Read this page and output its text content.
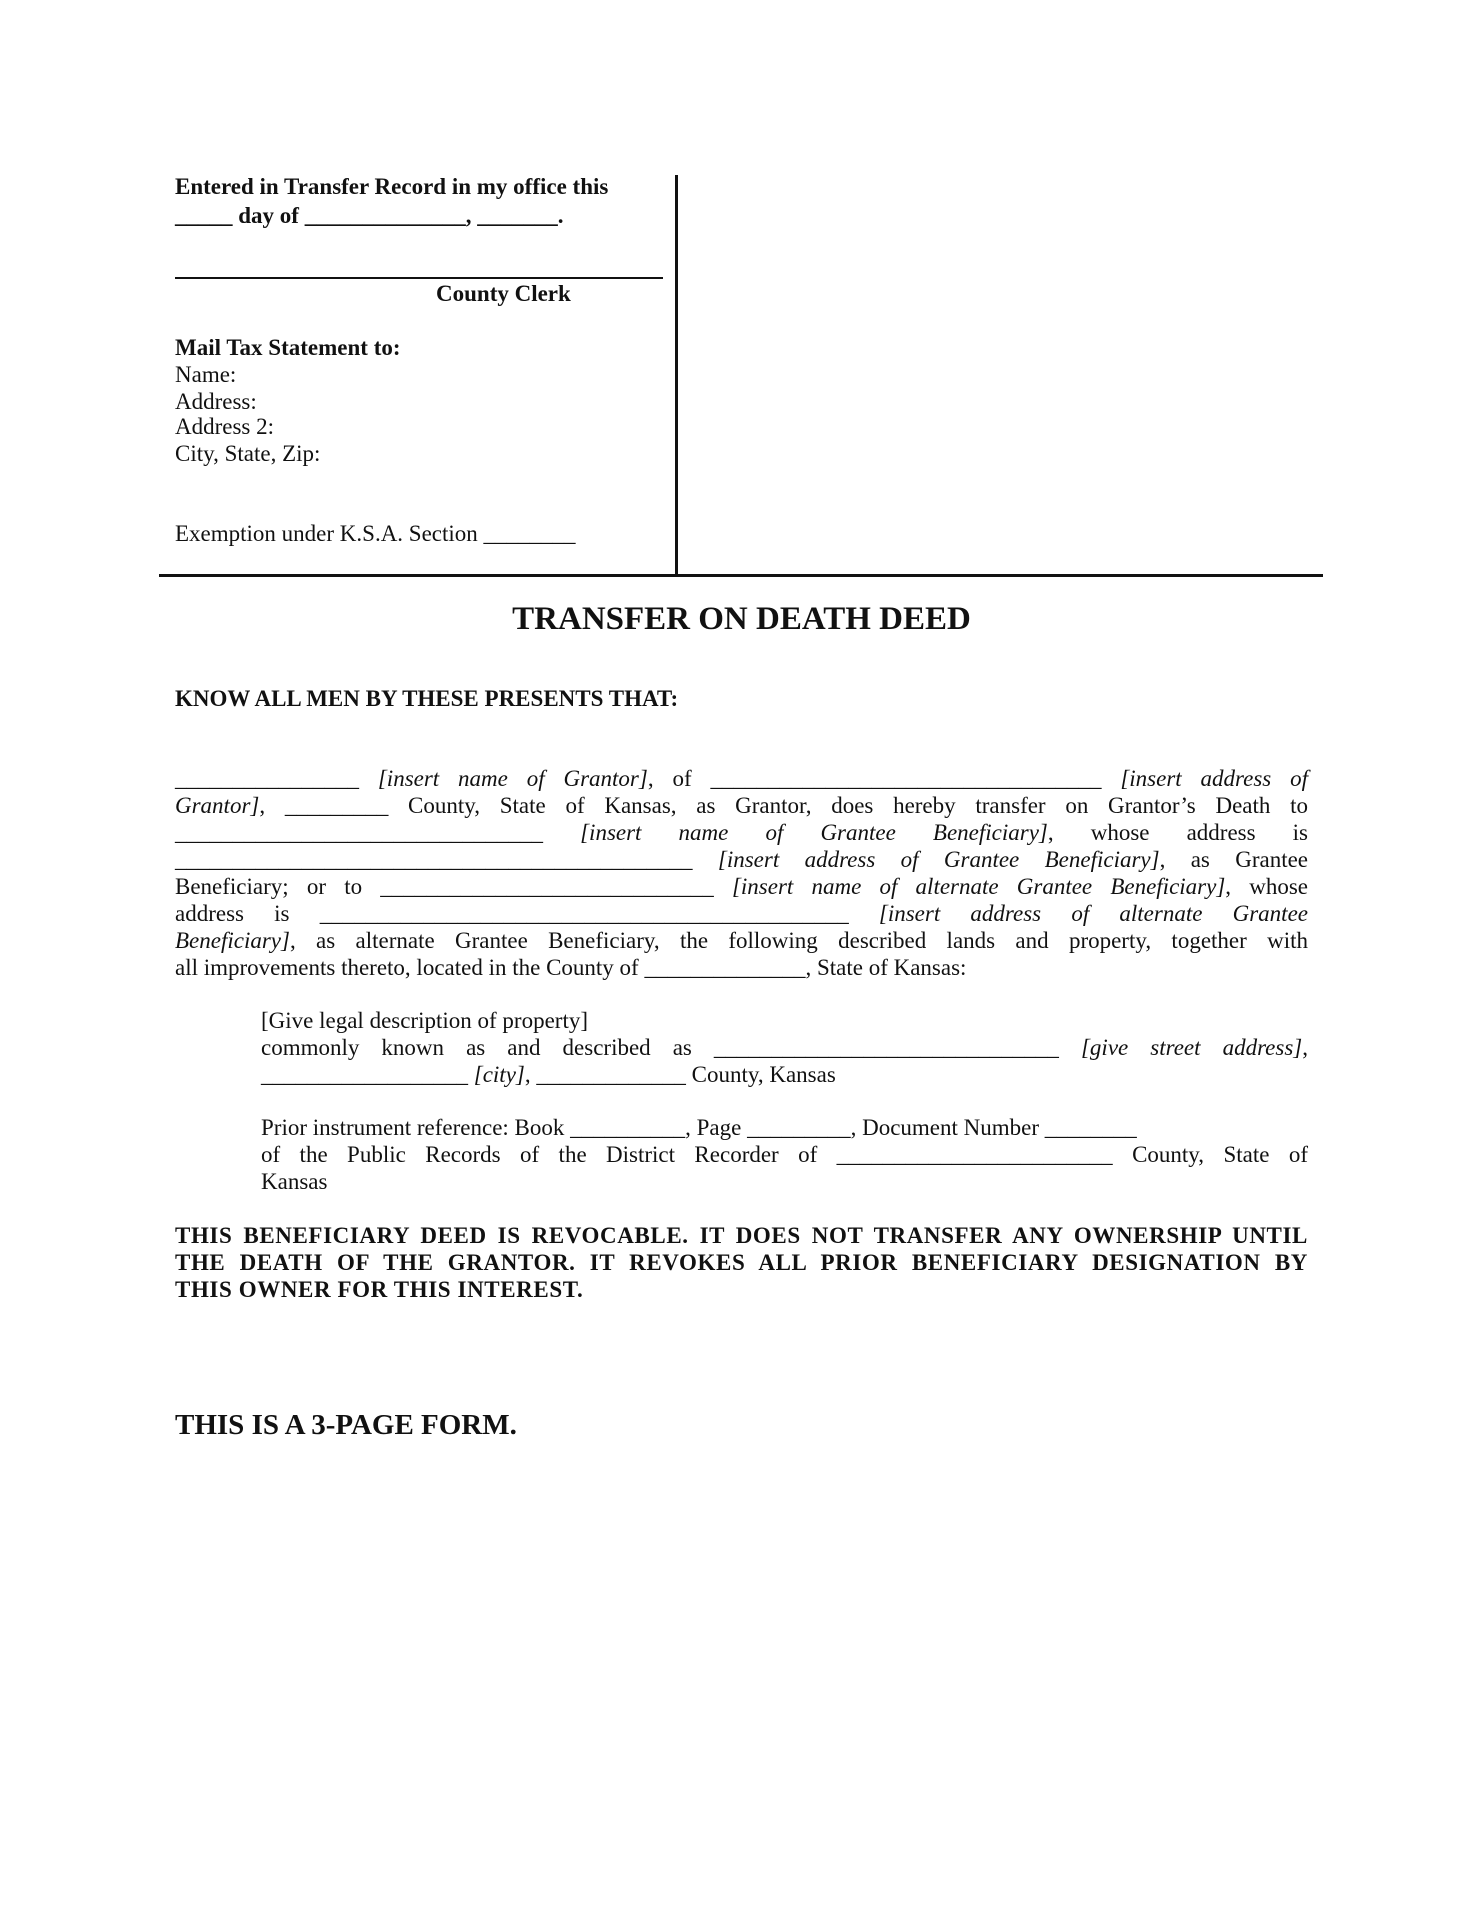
Entered in Transfer Record in my office this
_____ day of ______________, _______.
County Clerk
Mail Tax Statement to:
Name:
Address:
Address 2:
City, State, Zip:
Exemption under K.S.A. Section ________
TRANSFER ON DEATH DEED
KNOW ALL MEN BY THESE PRESENTS THAT:
________________ [insert name of Grantor], of __________________________________ [insert address of
Grantor], _________ County, State of Kansas, as Grantor, does hereby transfer on Grantor’s Death to
________________________________ [insert name of Grantee Beneficiary], whose address is
_____________________________________________ [insert address of Grantee Beneficiary], as Grantee
Beneficiary; or to _____________________________ [insert name of alternate Grantee Beneficiary], whose
address is ______________________________________________ [insert address of alternate Grantee
Beneficiary], as alternate Grantee Beneficiary, the following described lands and property, together with
all improvements thereto, located in the County of ______________, State of Kansas:
[Give legal description of property]
commonly known as and described as ______________________________ [give street address],
__________________ [city], _____________ County, Kansas
Prior instrument reference: Book __________, Page _________, Document Number ________
of the Public Records of the District Recorder of ________________________ County, State of
Kansas
THIS BENEFICIARY DEED IS REVOCABLE. IT DOES NOT TRANSFER ANY OWNERSHIP UNTIL
THE DEATH OF THE GRANTOR. IT REVOKES ALL PRIOR BENEFICIARY DESIGNATION BY
THIS OWNER FOR THIS INTEREST.
THIS IS A 3-PAGE FORM.
